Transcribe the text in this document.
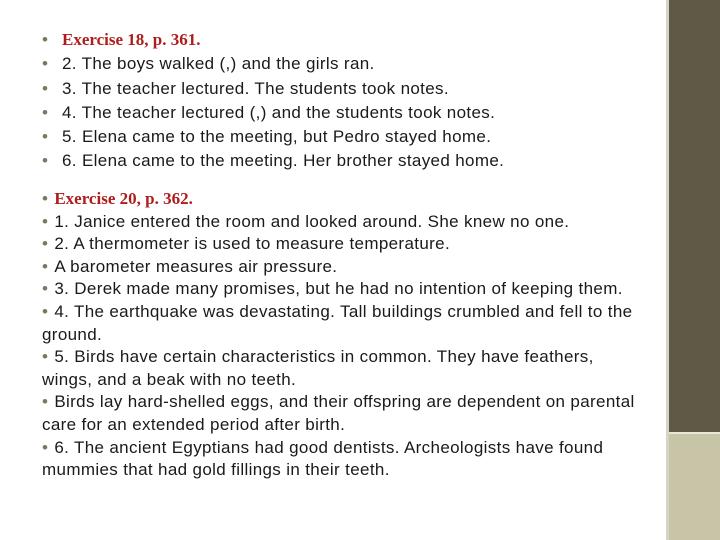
• Exercise 18, p. 361.
• 2. The boys walked (,) and the girls ran.
• 3. The teacher lectured. The students took notes.
• 4. The teacher lectured (,) and the students took notes.
• 5. Elena came to the meeting, but Pedro stayed home.
• 6. Elena came to the meeting. Her brother stayed home.

• Exercise 20, p. 362.

• 1. Janice entered the room and looked around. She knew no one.

• 2. A thermometer is used to measure temperature.

• A barometer measures air pressure.

• 3. Derek made many promises, but he had no intention of keeping them.

• 4. The earthquake was devastating. Tall buildings crumbled and fell to the ground.

• 5. Birds have certain characteristics in common. They have feathers, wings, and a beak with no teeth.

• Birds lay hard-shelled eggs, and their offspring are dependent on parental care for an extended period after birth.

• 6. The ancient Egyptians had good dentists. Archeologists have found mummies that had gold fillings in their teeth.
